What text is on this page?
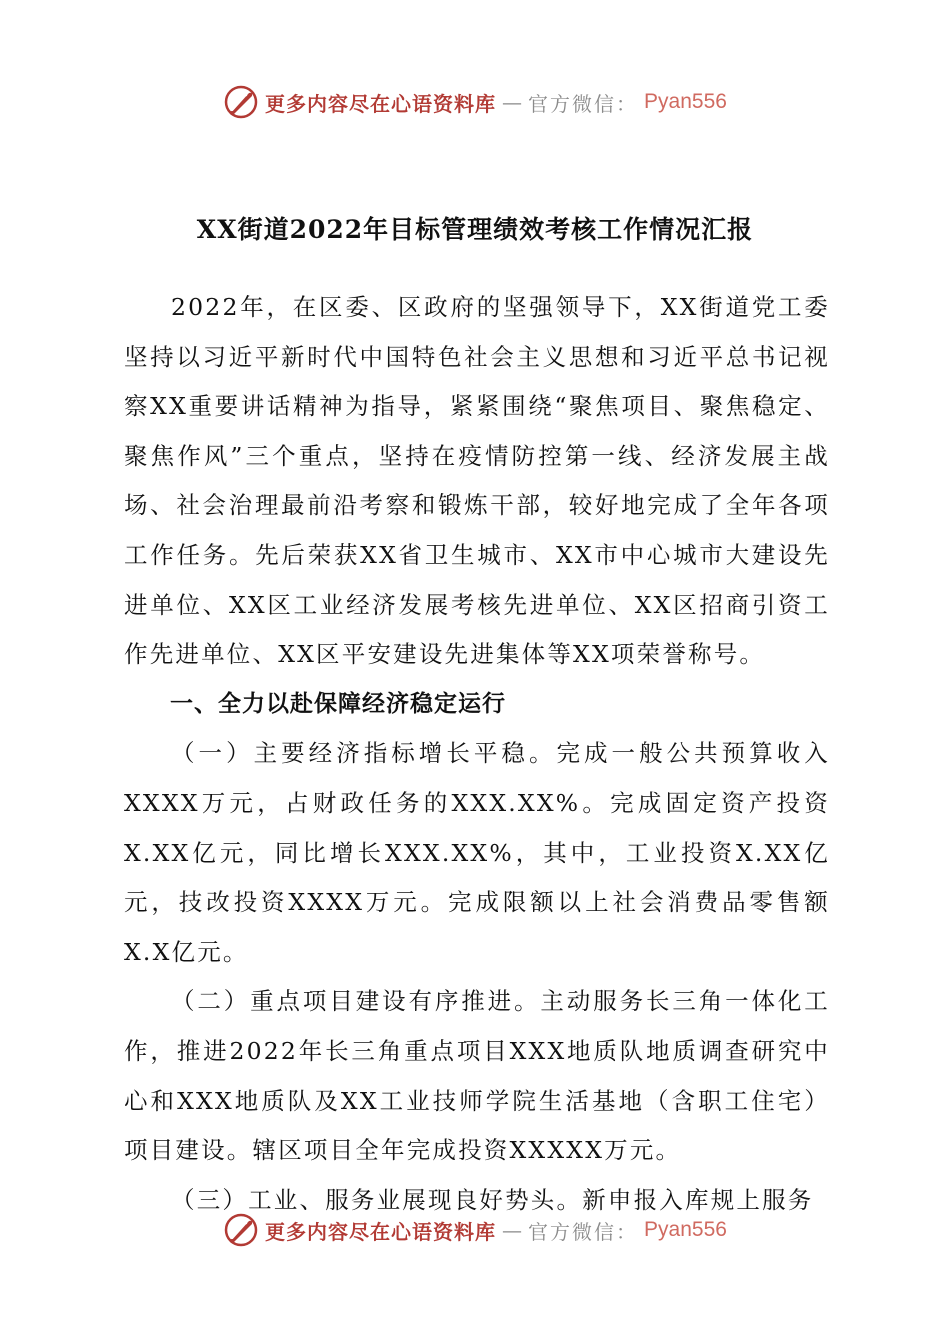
更多内容尽在心语资料库 — 官方微信： Pyan556
XX街道2022年目标管理绩效考核工作情况汇报

2022年，在区委、区政府的坚强领导下，XX街道党工委坚持以习近平新时代中国特色社会主义思想和习近平总书记视察XX重要讲话精神为指导，紧紧围绕“聚焦项目、聚焦稳定、聚焦作风”三个重点，坚持在疫情防控第一线、经济发展主战场、社会治理最前沿考察和锻炼干部，较好地完成了全年各项工作任务。先后荣获XX省卫生城市、XX市中心城市大建设先进单位、XX区工业经济发展考核先进单位、XX区招商引资工作先进单位、XX区平安建设先进集体等XX项荣誉称号。

一、全力以赴保障经济稳定运行

（一）主要经济指标增长平稳。完成一般公共预算收入XXXX万元，占财政任务的XXX.XX%。完成固定资产投资X.XX亿元，同比增长XXX.XX%，其中，工业投资X.XX亿元，技改投资XXXX万元。完成限额以上社会消费品零售额X.X亿元。

（二）重点项目建设有序推进。主动服务长三角一体化工作，推进2022年长三角重点项目XXX地质队地质调查研究中心和XXX地质队及XX工业技师学院生活基地（含职工住宅）项目建设。辖区项目全年完成投资XXXXX万元。

（三）工业、服务业展现良好势头。新申报入库规上服务

更多内容尽在心语资料库 — 官方微信： Pyan556
